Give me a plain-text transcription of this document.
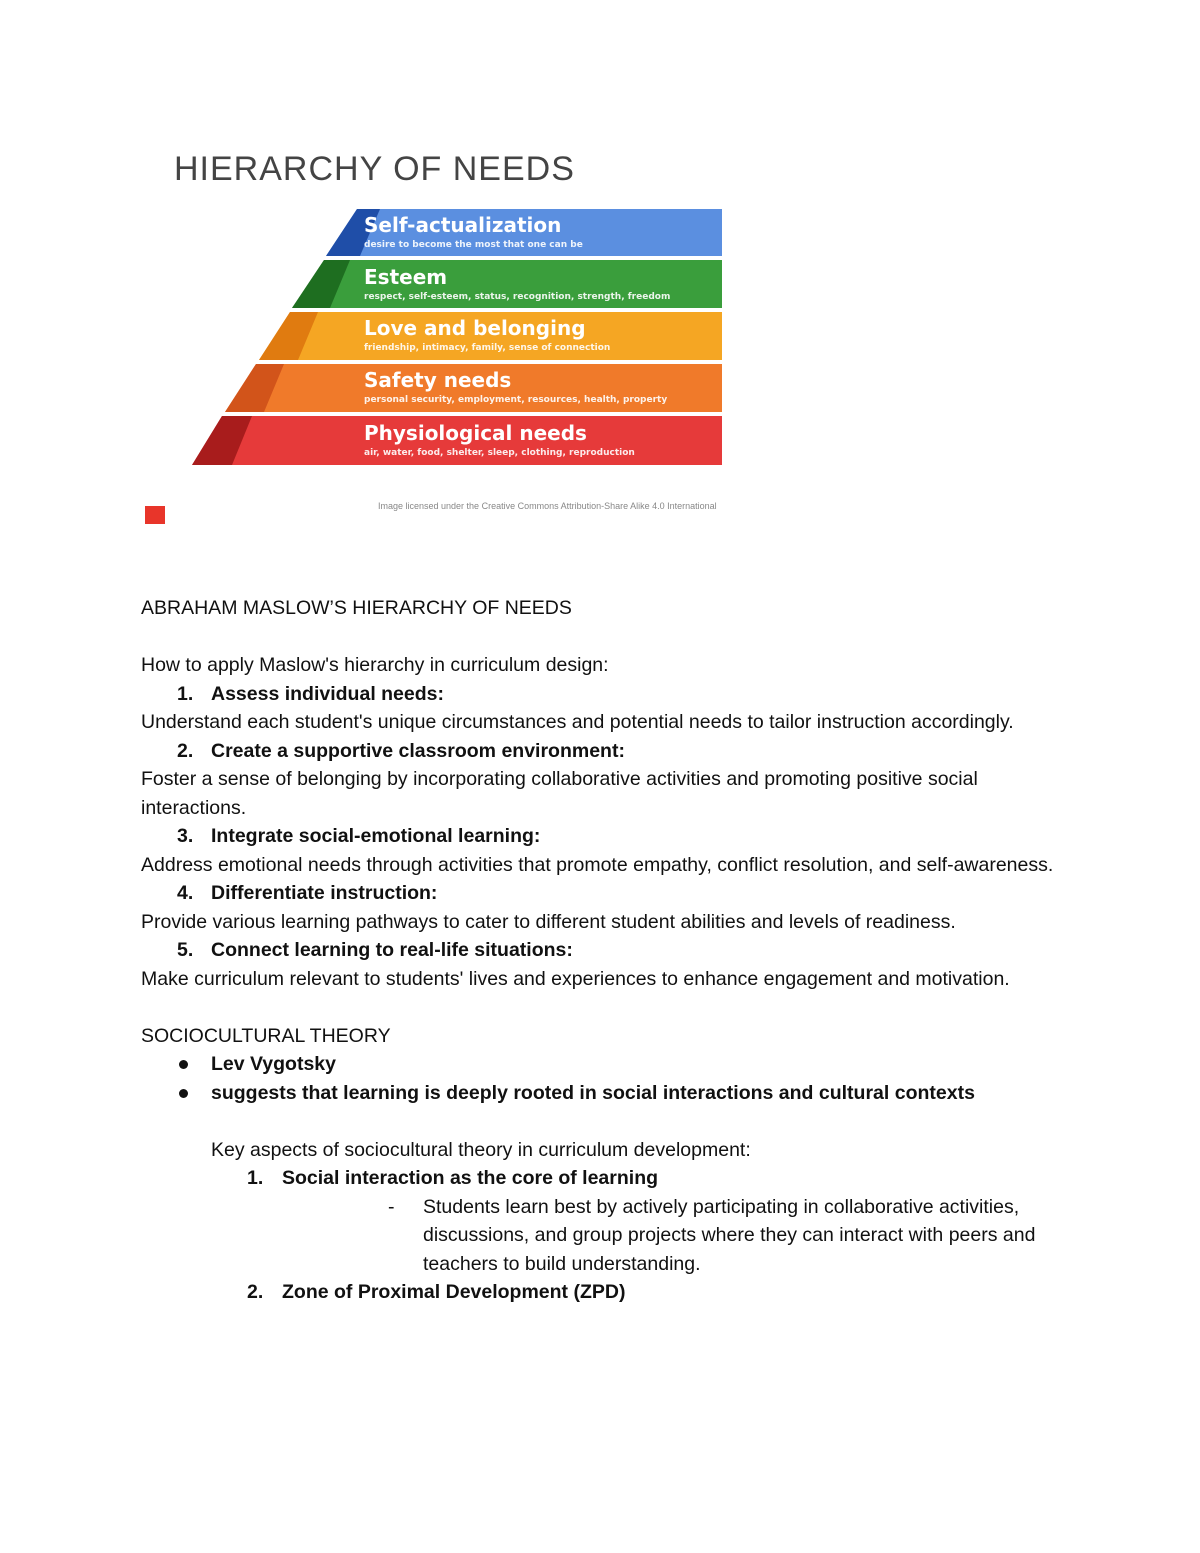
HIERARCHY OF NEEDS
Self-actualization
desire to become the most that one can be
Esteem
respect, self-esteem, status, recognition, strength, freedom
Love and belonging
friendship, intimacy, family, sense of connection
Safety needs
personal security, employment, resources, health, property
Physiological needs
air, water, food, shelter, sleep, clothing, reproduction
Image licensed under the Creative Commons Attribution-Share Alike 4.0 International

ABRAHAM MASLOW’S HIERARCHY OF NEEDS

How to apply Maslow's hierarchy in curriculum design:

1. Assess individual needs:

Understand each student's unique circumstances and potential needs to tailor instruction accordingly.

2. Create a supportive classroom environment:

Foster a sense of belonging by incorporating collaborative activities and promoting positive social interactions.

3. Integrate social-emotional learning:

Address emotional needs through activities that promote empathy, conflict resolution, and self-awareness.

4. Differentiate instruction:

Provide various learning pathways to cater to different student abilities and levels of readiness.

5. Connect learning to real-life situations:

Make curriculum relevant to students' lives and experiences to enhance engagement and motivation.

SOCIOCULTURAL THEORY

Lev Vygotsky
suggests that learning is deeply rooted in social interactions and cultural contexts

Key aspects of sociocultural theory in curriculum development:

1. Social interaction as the core of learning
- Students learn best by actively participating in collaborative activities, discussions, and group projects where they can interact with peers and teachers to build understanding.
2. Zone of Proximal Development (ZPD)
